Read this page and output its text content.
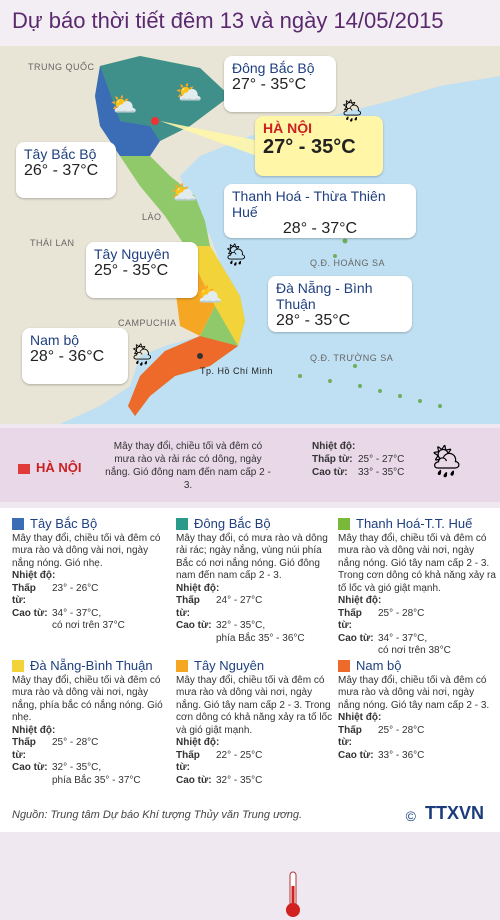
Dự báo thời tiết đêm 13 và ngày 14/05/2015
TRUNG QUỐC
LÀO
THÁI LAN
CAMPUCHIA
Q.Đ. HOÀNG SA
Q.Đ. TRƯỜNG SA
Tp. Hồ Chí Minh
Đông Bắc Bộ
27° - 35°C
HÀ NỘI
27° - 35°C
Tây Bắc Bộ
26° - 37°C
Thanh Hoá - Thừa Thiên Huế
28° - 37°C
Tây Nguyên
25° - 35°C
Đà Nẵng - Bình Thuận
28° - 35°C
Nam bộ
28° - 36°C
⛅ ⛅
🌦
⛅
🌦
⛅
🌦
HÀ NỘI
Mây thay đổi, chiều tối và đêm có mưa rào và rải rác có dông, ngày nắng. Gió đông nam đến nam cấp 2 - 3.
Nhiệt độ:
Thấp từ: 25° - 27°C
Cao từ:	33° - 35°C 🌦
Tây Bắc Bộ
Mây thay đổi, chiều tối và đêm có mưa rào và dông vài nơi, ngày nắng nóng. Gió nhẹ.
Nhiệt độ:
Thấp từ:
23° - 26°C
Cao từ: 34° - 37°C,
có nơi trên 37°C
Đông Bắc Bộ
Mây thay đổi, có mưa rào và dông rải rác; ngày nắng, vùng núi phía Bắc có nơi nắng nóng. Gió đông nam đến nam cấp 2 - 3.
Nhiệt độ:
Thấp từ:
24° - 27°C
Cao từ: 32° - 35°C,
phía Bắc 35° - 36°C
Thanh Hoá-T.T. Huế
Mây thay đổi, chiều tối và đêm có mưa rào và dông vài nơi, ngày nắng nóng. Gió tây nam cấp 2 - 3. Trong cơn dông có khả năng xảy ra tố lốc và gió giật mạnh.
Nhiệt độ:
Thấp từ:
25° - 28°C
Cao từ: 34° - 37°C,
có nơi trên 38°C
Đà Nẵng-Bình Thuận
Mây thay đổi, chiều tối và đêm có mưa rào và dông vài nơi, ngày nắng, phía bắc có nắng nóng. Gió nhẹ.
Nhiệt độ:
Thấp từ:
25° - 28°C
Cao từ: 32° - 35°C,
phía Bắc 35° - 37°C
Tây Nguyên
Mây thay đổi, chiều tối và đêm có mưa rào và dông vài nơi, ngày nắng. Gió tây nam cấp 2 - 3. Trong cơn dông có khả năng xảy ra tố lốc và gió giật mạnh.
Nhiệt độ:
Thấp từ:
22° - 25°C
Cao từ: 32° - 35°C
Nam bộ
Mây thay đổi, chiều tối và đêm có mưa rào và dông vài nơi, ngày nắng nóng. Gió tây nam cấp 2 - 3.
Nhiệt độ:
Thấp từ:
25° - 28°C
Cao từ: 33° - 36°C
Nguồn: Trung tâm Dự báo Khí tượng Thủy văn Trung ương.	© TTXVN
